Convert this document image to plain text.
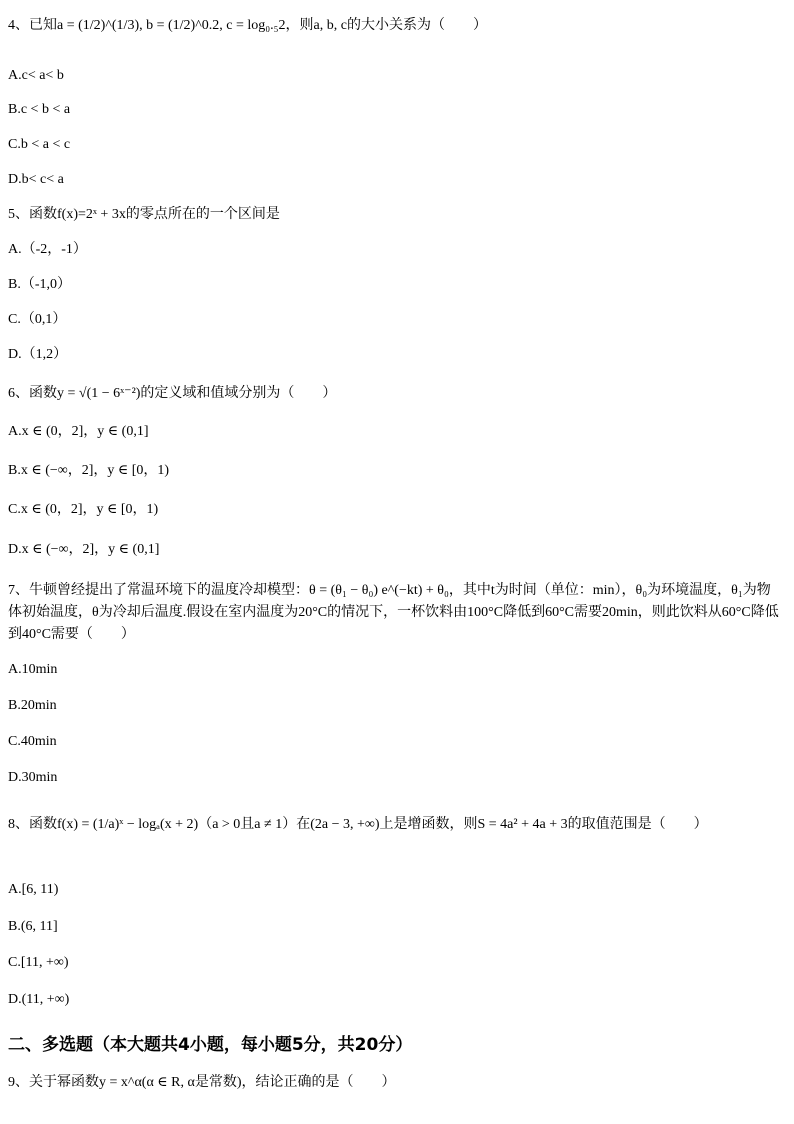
4、已知a = (1/2)^(1/3), b = (1/2)^0.2, c = log₀.₅2，则a, b, c的大小关系为（　　）
A.c< a< b
B.c < b < a
C.b < a < c
D.b< c< a
5、函数f(x)=2ˣ + 3x的零点所在的一个区间是
A.（-2，-1）
B.（-1,0）
C.（0,1）
D.（1,2）
6、函数y = √(1 − 6ˣ⁻²)的定义域和值域分别为（　　）
A.x ∈ (0，2]，y ∈ (0,1]
B.x ∈ (−∞，2]，y ∈ [0，1)
C.x ∈ (0，2]，y ∈ [0，1)
D.x ∈ (−∞，2]，y ∈ (0,1]
7、牛顿曾经提出了常温环境下的温度冷却模型：θ = (θ₁ − θ₀) e^(−kt) + θ₀，其中t为时间（单位：min），θ₀为环境温度，θ₁为物体初始温度，θ为冷却后温度.假设在室内温度为20°C的情况下，一杯饮料由100°C降低到60°C需要20min，则此饮料从60°C降低到40°C需要（　　）
A.10min
B.20min
C.40min
D.30min
8、函数f(x) = (1/a)ˣ − logₐ(x + 2)（a > 0且a ≠ 1）在(2a − 3, +∞)上是增函数，则S = 4a² + 4a + 3的取值范围是（　　）
A.[6, 11)
B.(6, 11]
C.[11, +∞)
D.(11, +∞)
二、多选题（本大题共4小题，每小题5分，共20分）
9、关于幂函数y = x^α(α ∈ R, α是常数)，结论正确的是（　　）
